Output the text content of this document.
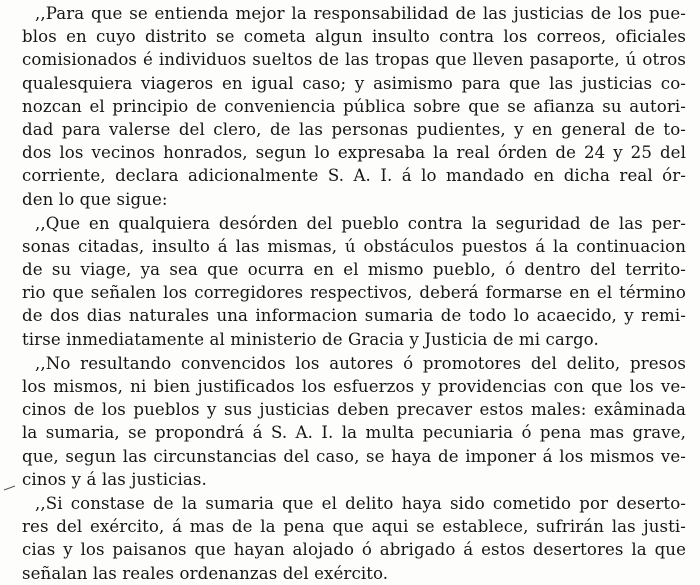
,,Para que se entienda mejor la responsabilidad de las justicias de los pue-
blos en cuyo distrito se cometa algun insulto contra los correos, oficiales
comisionados é individuos sueltos de las tropas que lleven pasaporte, ú otros
qualesquiera viageros en igual caso; y asimismo para que las justicias co-
nozcan el principio de conveniencia pública sobre que se afianza su autori-
dad para valerse del clero, de las personas pudientes, y en general de to-
dos los vecinos honrados, segun lo expresaba la real órden de 24 y 25 del
corriente, declara adicionalmente S. A. I. á lo mandado en dicha real ór-
den lo que sigue:
,,Que en qualquiera desórden del pueblo contra la seguridad de las per-
sonas citadas, insulto á las mismas, ú obstáculos puestos á la continuacion
de su viage, ya sea que ocurra en el mismo pueblo, ó dentro del territo-
rio que señalen los corregidores respectivos, deberá formarse en el término
de dos dias naturales una informacion sumaria de todo lo acaecido, y remi-
tirse inmediatamente al ministerio de Gracia y Justicia de mi cargo.
,,No resultando convencidos los autores ó promotores del delito, presos
los mismos, ni bien justificados los esfuerzos y providencias con que los ve-
cinos de los pueblos y sus justicias deben precaver estos males: exâminada
la sumaria, se propondrá á S. A. I. la multa pecuniaria ó pena mas grave,
que, segun las circunstancias del caso, se haya de imponer á los mismos ve-
cinos y á las justicias.
,,Si constase de la sumaria que el delito haya sido cometido por deserto-
res del exército, á mas de la pena que aqui se establece, sufrirán las justi-
cias y los paisanos que hayan alojado ó abrigado á estos desertores la que
señalan las reales ordenanzas del exército.
